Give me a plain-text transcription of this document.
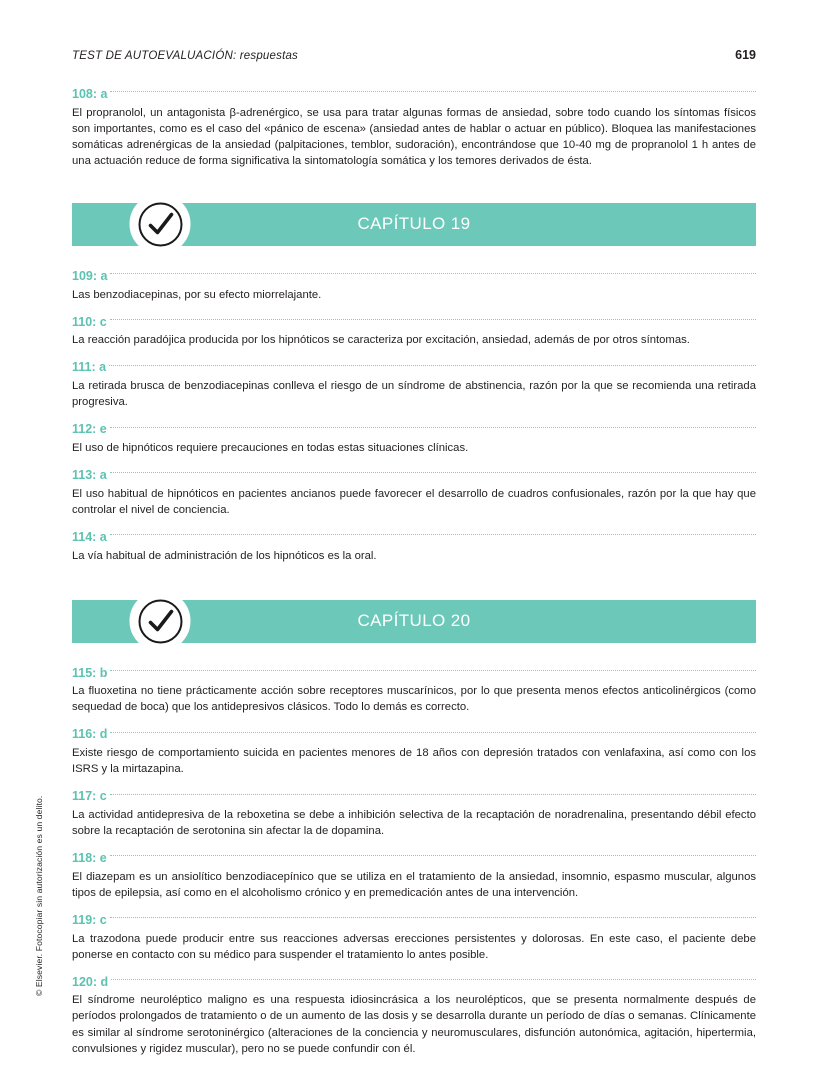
TEST DE AUTOEVALUACIÓN: respuestas	619
108: a
El propranolol, un antagonista β-adrenérgico, se usa para tratar algunas formas de ansiedad, sobre todo cuando los síntomas físicos son importantes, como es el caso del «pánico de escena» (ansiedad antes de hablar o actuar en público). Bloquea las manifestaciones somáticas adrenérgicas de la ansiedad (palpitaciones, temblor, sudoración), encontrándose que 10-40 mg de propranolol 1 h antes de una actuación reduce de forma significativa la sintomatología somática y los temores derivados de ésta.
CAPÍTULO 19
109: a
Las benzodiacepinas, por su efecto miorrelajante.
110: c
La reacción paradójica producida por los hipnóticos se caracteriza por excitación, ansiedad, además de por otros síntomas.
111: a
La retirada brusca de benzodiacepinas conlleva el riesgo de un síndrome de abstinencia, razón por la que se recomienda una retirada progresiva.
112: e
El uso de hipnóticos requiere precauciones en todas estas situaciones clínicas.
113: a
El uso habitual de hipnóticos en pacientes ancianos puede favorecer el desarrollo de cuadros confusionales, razón por la que hay que controlar el nivel de conciencia.
114: a
La vía habitual de administración de los hipnóticos es la oral.
CAPÍTULO 20
115: b
La fluoxetina no tiene prácticamente acción sobre receptores muscarínicos, por lo que presenta menos efectos anticolinérgicos (como sequedad de boca) que los antidepresivos clásicos. Todo lo demás es correcto.
116: d
Existe riesgo de comportamiento suicida en pacientes menores de 18 años con depresión tratados con venlafaxina, así como con los ISRS y la mirtazapina.
117: c
La actividad antidepresiva de la reboxetina se debe a inhibición selectiva de la recaptación de noradrenalina, presentando débil efecto sobre la recaptación de serotonina sin afectar la de dopamina.
118: e
El diazepam es un ansiolítico benzodiacepínico que se utiliza en el tratamiento de la ansiedad, insomnio, espasmo muscular, algunos tipos de epilepsia, así como en el alcoholismo crónico y en premedicación antes de una intervención.
119: c
La trazodona puede producir entre sus reacciones adversas erecciones persistentes y dolorosas. En este caso, el paciente debe ponerse en contacto con su médico para suspender el tratamiento lo antes posible.
120: d
El síndrome neuroléptico maligno es una respuesta idiosincrásica a los neurolépticos, que se presenta normalmente después de períodos prolongados de tratamiento o de un aumento de las dosis y se desarrolla durante un período de días o semanas. Clínicamente es similar al síndrome serotoninérgico (alteraciones de la conciencia y neuromusculares, disfunción autonómica, agitación, hipertermia, convulsiones y rigidez muscular), pero no se puede confundir con él.
© Elsevier. Fotocopiar sin autorización es un delito.
